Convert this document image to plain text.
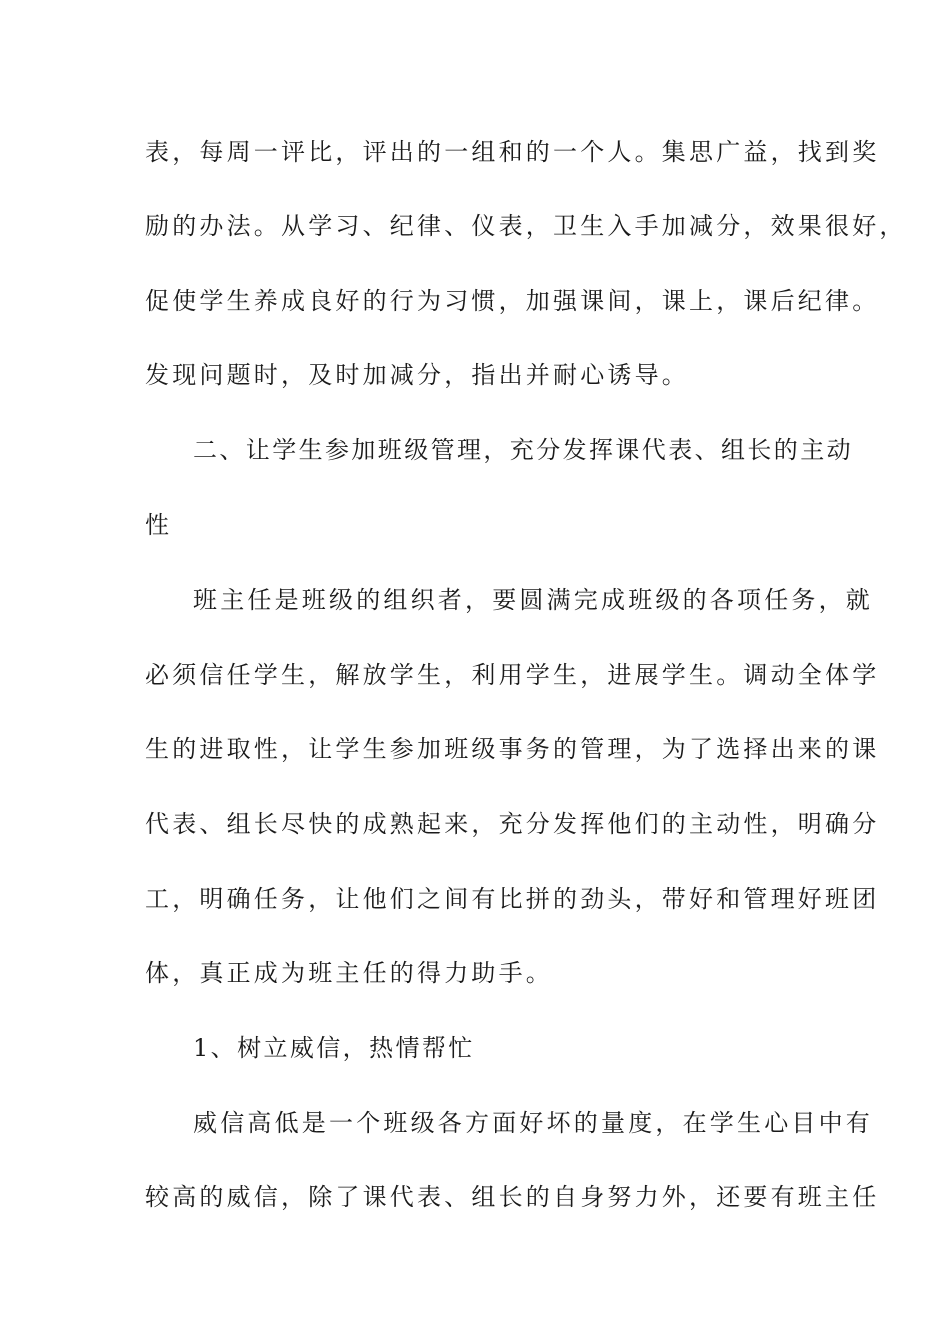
表，每周一评比，评出的一组和的一个人。集思广益，找到奖
励的办法。从学习、纪律、仪表，卫生入手加减分，效果很好，
促使学生养成良好的行为习惯，加强课间，课上，课后纪律。
发现问题时，及时加减分，指出并耐心诱导。
二、让学生参加班级管理，充分发挥课代表、组长的主动
性
班主任是班级的组织者，要圆满完成班级的各项任务，就
必须信任学生，解放学生，利用学生，进展学生。调动全体学
生的进取性，让学生参加班级事务的管理，为了选择出来的课
代表、组长尽快的成熟起来，充分发挥他们的主动性，明确分
工，明确任务，让他们之间有比拼的劲头，带好和管理好班团
体，真正成为班主任的得力助手。
1、树立威信，热情帮忙
威信高低是一个班级各方面好坏的量度，在学生心目中有
较高的威信，除了课代表、组长的自身努力外，还要有班主任
